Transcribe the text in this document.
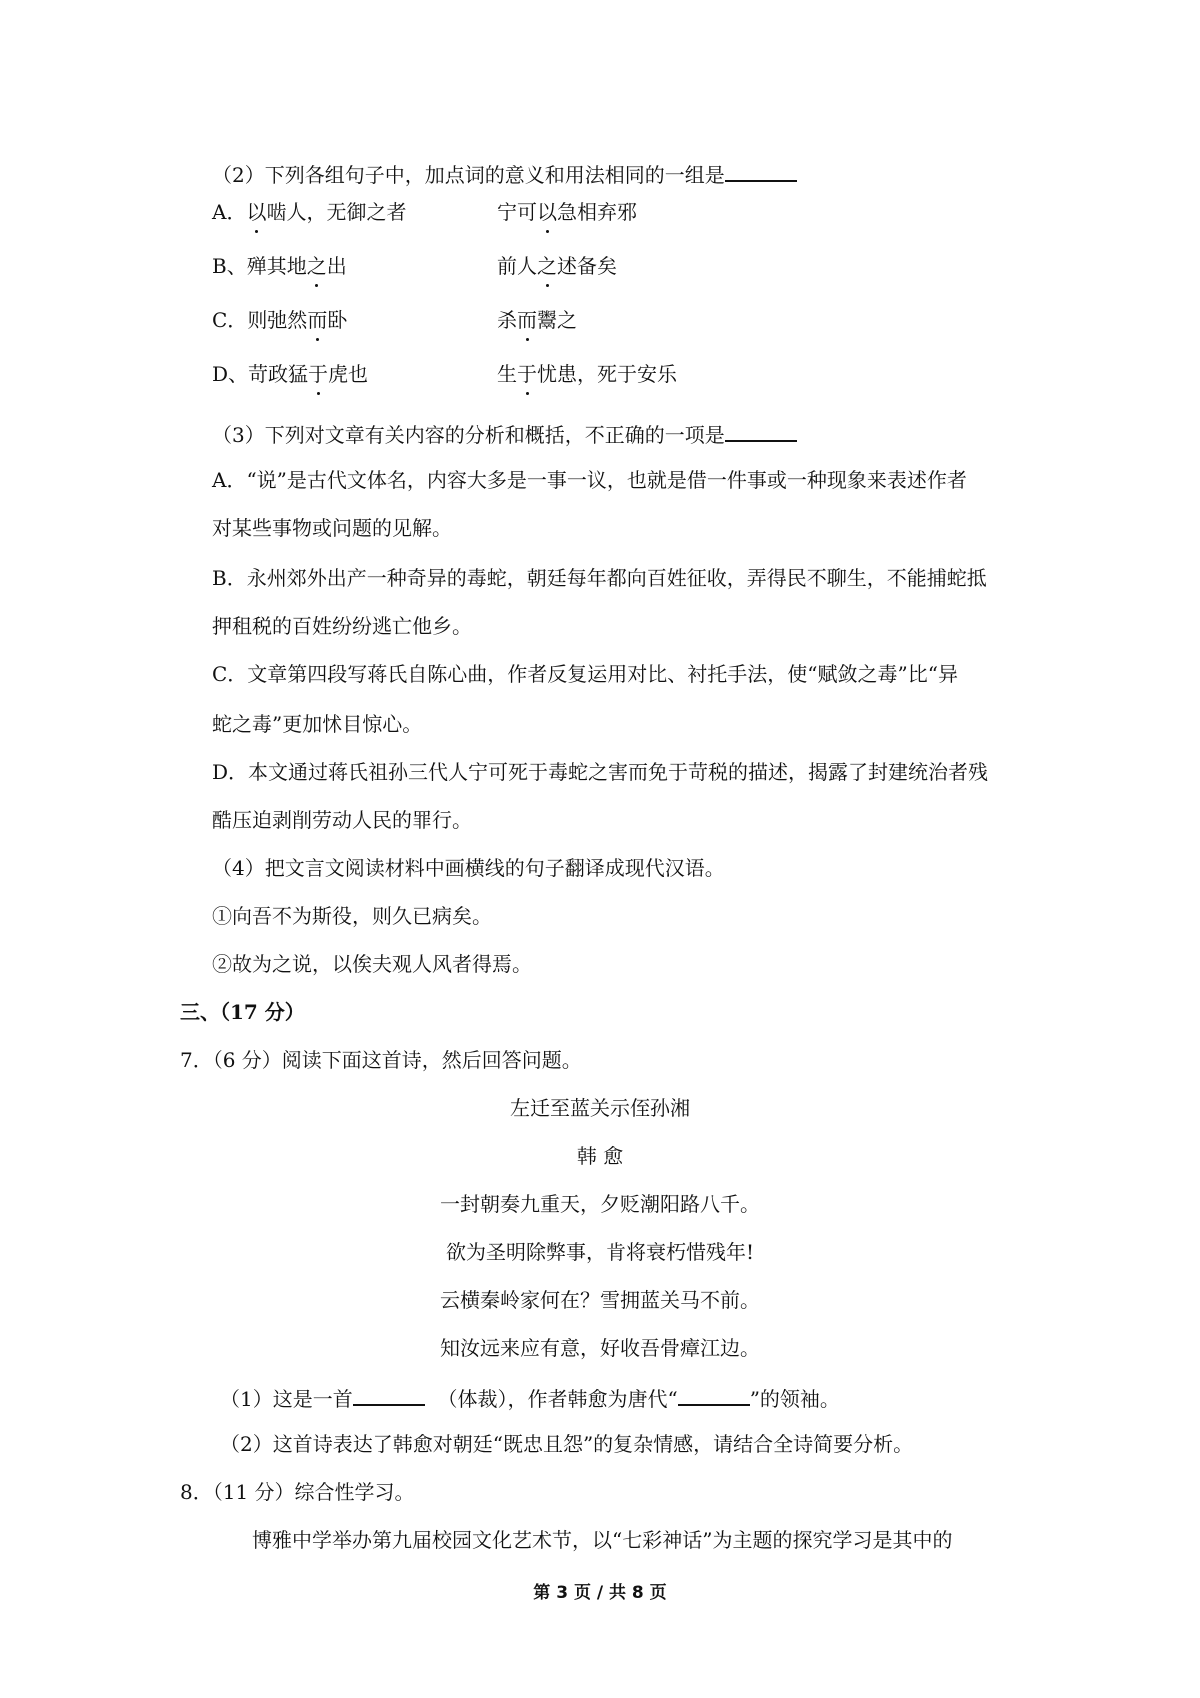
（2）下列各组句子中，加点词的意义和用法相同的一组是
A．以啮人，无御之者	宁可以急相弃邪
B、殚其地之出	前人之述备矣
C．则弛然而卧	杀而鬻之
D、苛政猛于虎也	生于忧患，死于安乐
（3）下列对文章有关内容的分析和概括，不正确的一项是
A．“说”是古代文体名，内容大多是一事一议，也就是借一件事或一种现象来表述作者
对某些事物或问题的见解。
B．永州郊外出产一种奇异的毒蛇，朝廷每年都向百姓征收，弄得民不聊生，不能捕蛇抵
押租税的百姓纷纷逃亡他乡。
C．文章第四段写蒋氏自陈心曲，作者反复运用对比、衬托手法，使“赋敛之毒”比“异
蛇之毒”更加怵目惊心。
D．本文通过蒋氏祖孙三代人宁可死于毒蛇之害而免于苛税的描述，揭露了封建统治者残
酷压迫剥削劳动人民的罪行。
（4）把文言文阅读材料中画横线的句子翻译成现代汉语。
①向吾不为斯役，则久已病矣。
②故为之说，以俟夫观人风者得焉。
三、（17 分）
7．（6 分）阅读下面这首诗，然后回答问题。
左迁至蓝关示侄孙湘
韩 愈
一封朝奏九重天，夕贬潮阳路八千。
欲为圣明除弊事，肯将衰朽惜残年!
云横秦岭家何在？雪拥蓝关马不前。
知汝远来应有意，好收吾骨瘴江边。
（1）这是一首	（体裁），作者韩愈为唐代“	”的领袖。
（2）这首诗表达了韩愈对朝廷“既忠且怨”的复杂情感，请结合全诗简要分析。
8．（11 分）综合性学习。
博雅中学举办第九届校园文化艺术节，以“七彩神话”为主题的探究学习是其中的
第 3 页 / 共 8 页
